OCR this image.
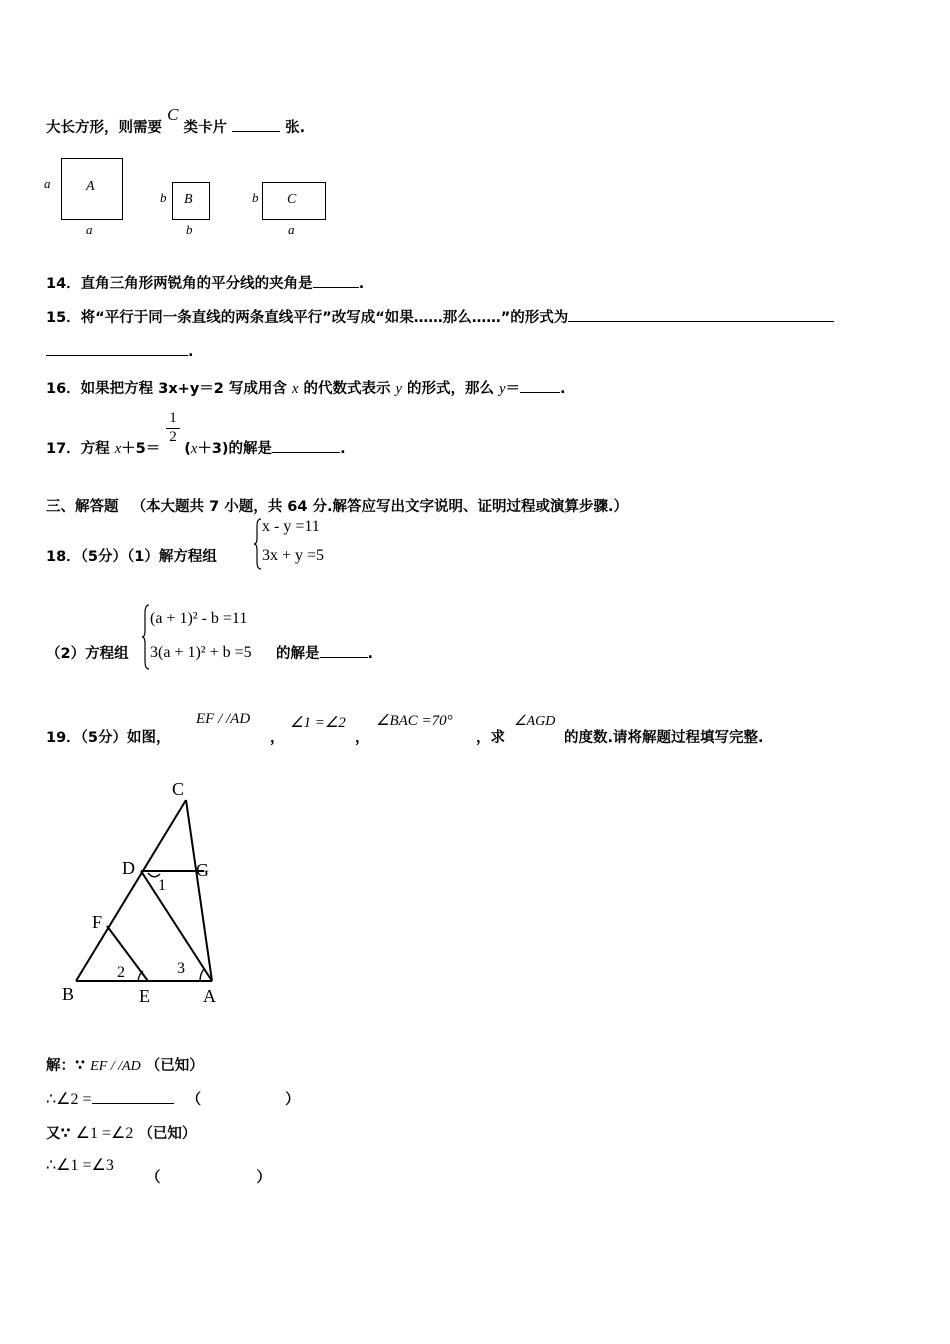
大长方形，则需要 C 类卡片	张.
A
a
a
B
b
b
C
b
a
14．直角三角形两锐角的平分线的夹角是	.
15．将“平行于同一条直线的两条直线平行”改写成“如果……那么……”的形式为
.
16．如果把方程 3x+y＝2 写成用含 x 的代数式表示 y 的形式，那么 y＝	.
17．方程 x＋5＝ (x＋3)的解是	.
$\frac{1}{2}$
三、解答题 （本大题共 7 小题，共 64 分.解答应写出文字说明、证明过程或演算步骤.）
18．（5分）（1）解方程组
x - y =11
3x + y =5
（2）方程组
(a + 1)² - b =11
3(a + 1)² + b =5 的解是	.
19．（5分）如图，
EF / /AD
，
∠1 =∠2
，
∠BAC =70°
，求
∠AGD
的度数.请将解题过程填写完整.
C
D	G
F
B	E	A
1
2	3
解：∵ EF / /AD （已知）
∴∠2 =	（	）
又∵ ∠1 =∠2 （已知）
∴∠1 =∠3
（	）
